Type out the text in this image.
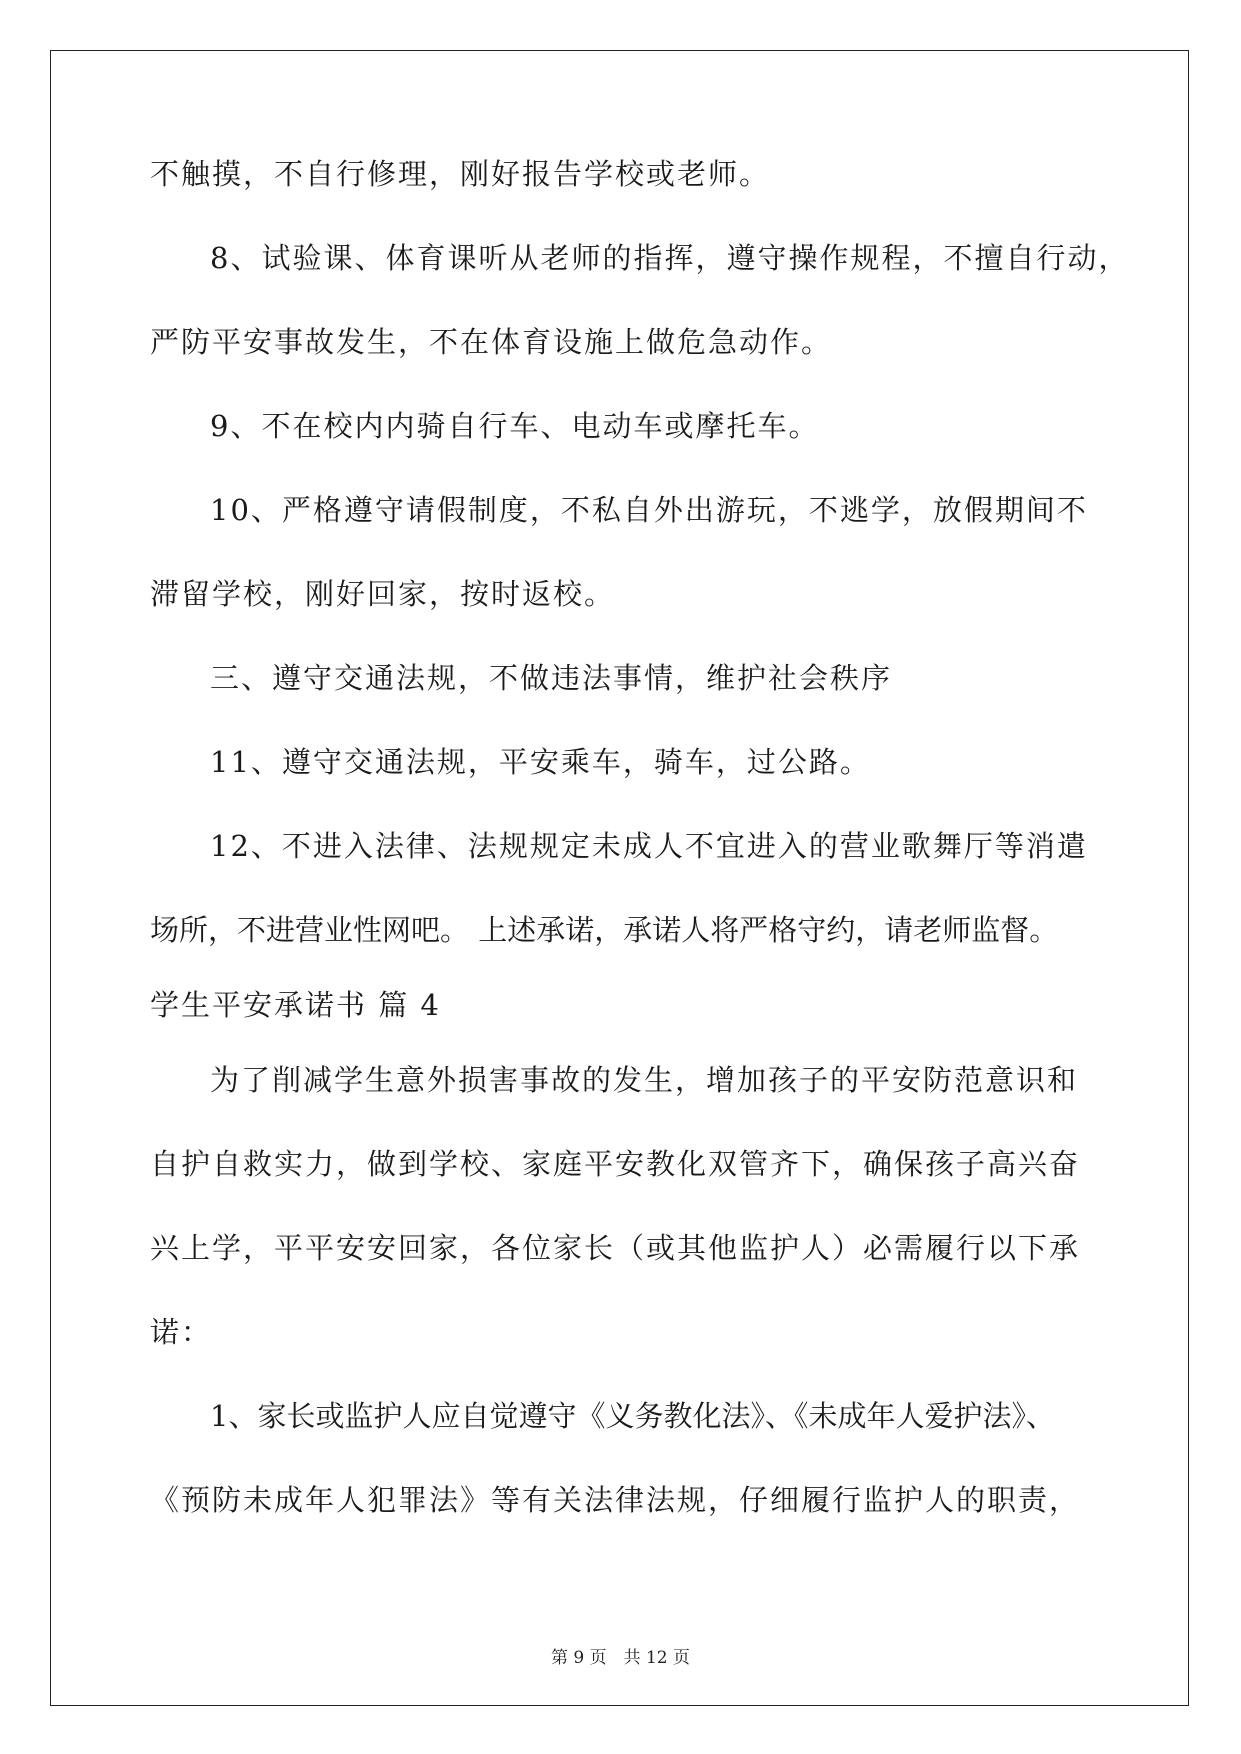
不触摸，不自行修理，刚好报告学校或老师。
8、试验课、体育课听从老师的指挥，遵守操作规程，不擅自行动，
严防平安事故发生，不在体育设施上做危急动作。
9、不在校内内骑自行车、电动车或摩托车。
10、严格遵守请假制度，不私自外出游玩，不逃学，放假期间不
滞留学校，刚好回家，按时返校。
三、遵守交通法规，不做违法事情，维护社会秩序
11、遵守交通法规，平安乘车，骑车，过公路。
12、不进入法律、法规规定未成人不宜进入的营业歌舞厅等消遣
场所，不进营业性网吧。 上述承诺，承诺人将严格守约，请老师监督。
学生平安承诺书 篇 4
为了削减学生意外损害事故的发生，增加孩子的平安防范意识和
自护自救实力，做到学校、家庭平安教化双管齐下，确保孩子高兴奋
兴上学，平平安安回家，各位家长（或其他监护人）必需履行以下承
诺：
1、家长或监护人应自觉遵守《义务教化法》、《未成年人爱护法》、
《预防未成年人犯罪法》等有关法律法规，仔细履行监护人的职责，
第 9 页　共 12 页
